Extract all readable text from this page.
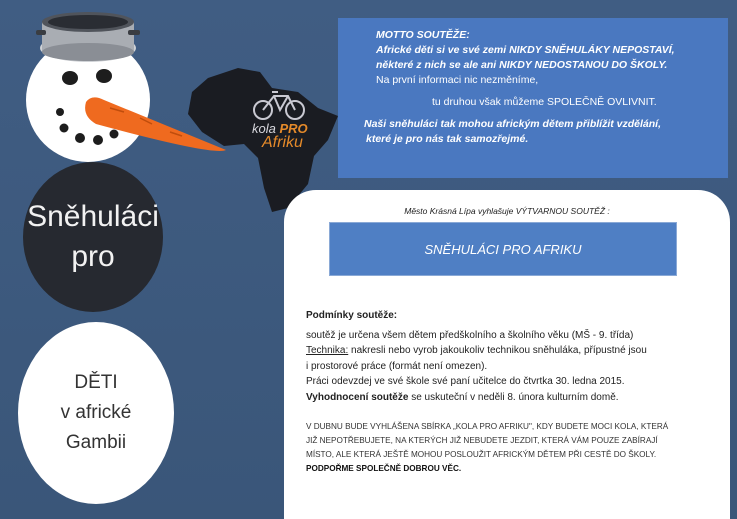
kola PRO
Afriku
Sněhuláci
pro
DĚTI
v africké
Gambii

MOTTO SOUTĚŽE:

Africké děti si ve své zemi NIKDY SNĚHULÁKY NEPOSTAVÍ,

některé z nich se ale ani NIKDY NEDOSTANOU DO ŠKOLY.

Na první informaci nic nezměníme,

tu druhou však můžeme SPOLEČNĚ OVLIVNIT.

Naši sněhuláci tak mohou africkým dětem přiblížit vzdělání,

které je pro nás tak samozřejmé.

Město Krásná Lípa vyhlašuje VÝTVARNOU SOUTĚŽ :
SNĚHULÁCI PRO AFRIKU

Podmínky soutěže:

soutěž je určena všem dětem předškolního a školního věku (MŠ - 9. třída)

Technika: nakresli nebo vyrob jakoukoliv technikou sněhuláka, přípustné jsou

i prostorové práce (formát není omezen).

Práci odevzdej ve své škole své paní učitelce do čtvrtka 30. ledna 2015.

Vyhodnocení soutěže se uskuteční v neděli 8. února kulturním domě.

V DUBNU BUDE VYHLÁŠENA SBÍRKA „KOLA PRO AFRIKU", KDY BUDETE MOCI KOLA, KTERÁ

JIŽ NEPOTŘEBUJETE, NA KTERÝCH JIŽ NEBUDETE JEZDIT, KTERÁ VÁM POUZE ZABÍRAJÍ

MÍSTO, ALE KTERÁ JEŠTĚ MOHOU POSLOUŽIT AFRICKÝM DĚTEM PŘI CESTĚ DO ŠKOLY.

PODPOŘME SPOLEČNĚ DOBROU VĚC.
